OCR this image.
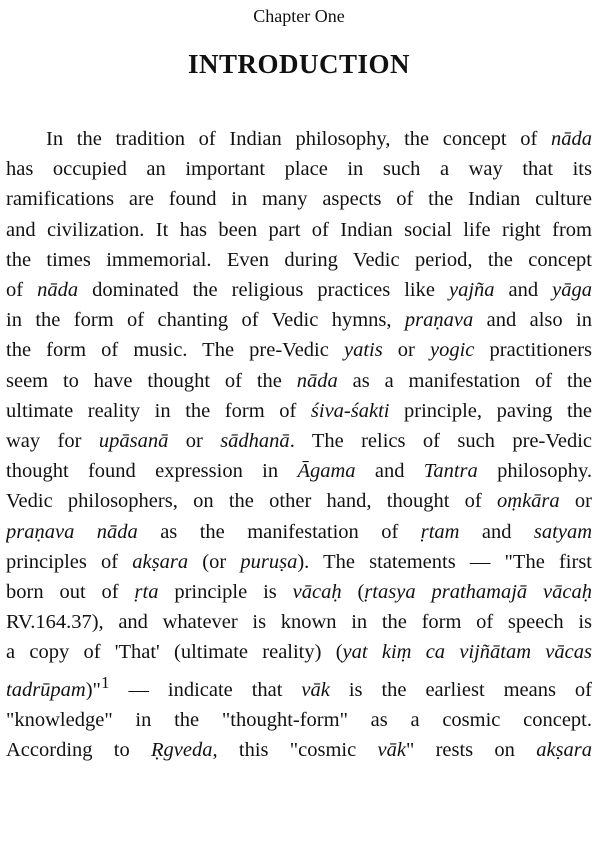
Chapter One
INTRODUCTION
In the tradition of Indian philosophy, the concept of nāda
has occupied an important place in such a way that its
ramifications are found in many aspects of the Indian culture
and civilization. It has been part of Indian social life right from
the times immemorial. Even during Vedic period, the concept
of nāda dominated the religious practices like yajña and yāga
in the form of chanting of Vedic hymns, praṇava and also in
the form of music. The pre-Vedic yatis or yogic practitioners
seem to have thought of the nāda as a manifestation of the
ultimate reality in the form of śiva-śakti principle, paving the
way for upāsanā or sādhanā. The relics of such pre-Vedic
thought found expression in Āgama and Tantra philosophy.
Vedic philosophers, on the other hand, thought of oṃkāra or
praṇava nāda as the manifestation of ṛtam and satyam
principles of akṣara (or puruṣa). The statements — "The first
born out of ṛta principle is vācaḥ (ṛtasya prathamajā vācaḥ
RV.164.37), and whatever is known in the form of speech is
a copy of 'That' (ultimate reality) (yat kiṃ ca vijñātam vācas
tadrūpam)"$^1$ — indicate that vāk is the earliest means of
"knowledge" in the "thought-form" as a cosmic concept.
According to Ṛgveda, this "cosmic vāk" rests on akṣara
